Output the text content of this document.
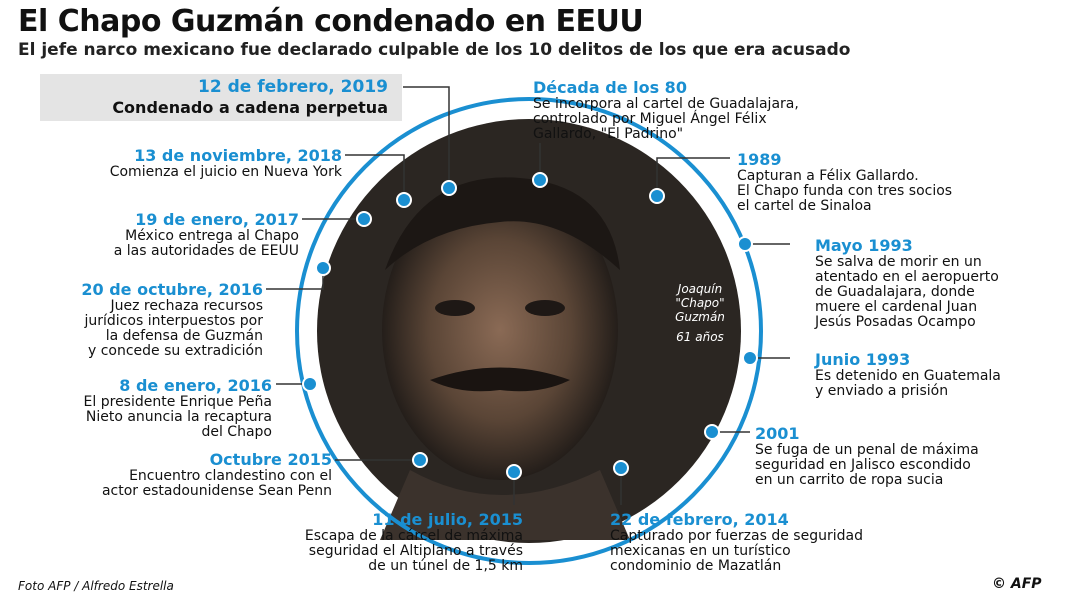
El Chapo Guzmán condenado en EEUU
El jefe narco mexicano fue declarado culpable de los 10 delitos de los que era acusado
12 de febrero, 2019
Condenado a cadena perpetua
13 de noviembre, 2018
Comienza el juicio en Nueva York
19 de enero, 2017
México entrega al Chapo
a las autoridades de EEUU
20 de octubre, 2016
Juez rechaza recursos
jurídicos interpuestos por
la defensa de Guzmán
y concede su extradición
8 de enero, 2016
El presidente Enrique Peña
Nieto anuncia la recaptura
del Chapo
Octubre 2015
Encuentro clandestino con el
actor estadounidense Sean Penn
11 de julio, 2015
Escapa de la cárcel de máxima
seguridad el Altiplano a través
de un túnel de 1,5 km
Década de los 80
Se incorpora al cartel de Guadalajara,
controlado por Miguel Ángel Félix
Gallardo, "El Padrino"
1989
Capturan a Félix Gallardo.
El Chapo funda con tres socios
el cartel de Sinaloa
Mayo 1993
Se salva de morir en un
atentado en el aeropuerto
de Guadalajara, donde
muere el cardenal Juan
Jesús Posadas Ocampo
Junio 1993
Es detenido en Guatemala
y enviado a prisión
2001
Se fuga de un penal de máxima
seguridad en Jalisco escondido
en un carrito de ropa sucia
22 de febrero, 2014
Capturado por fuerzas de seguridad
mexicanas en un turístico
condominio de Mazatlán
Joaquín
"Chapo"
Guzmán
61 años
Foto AFP / Alfredo Estrella	© AFP
